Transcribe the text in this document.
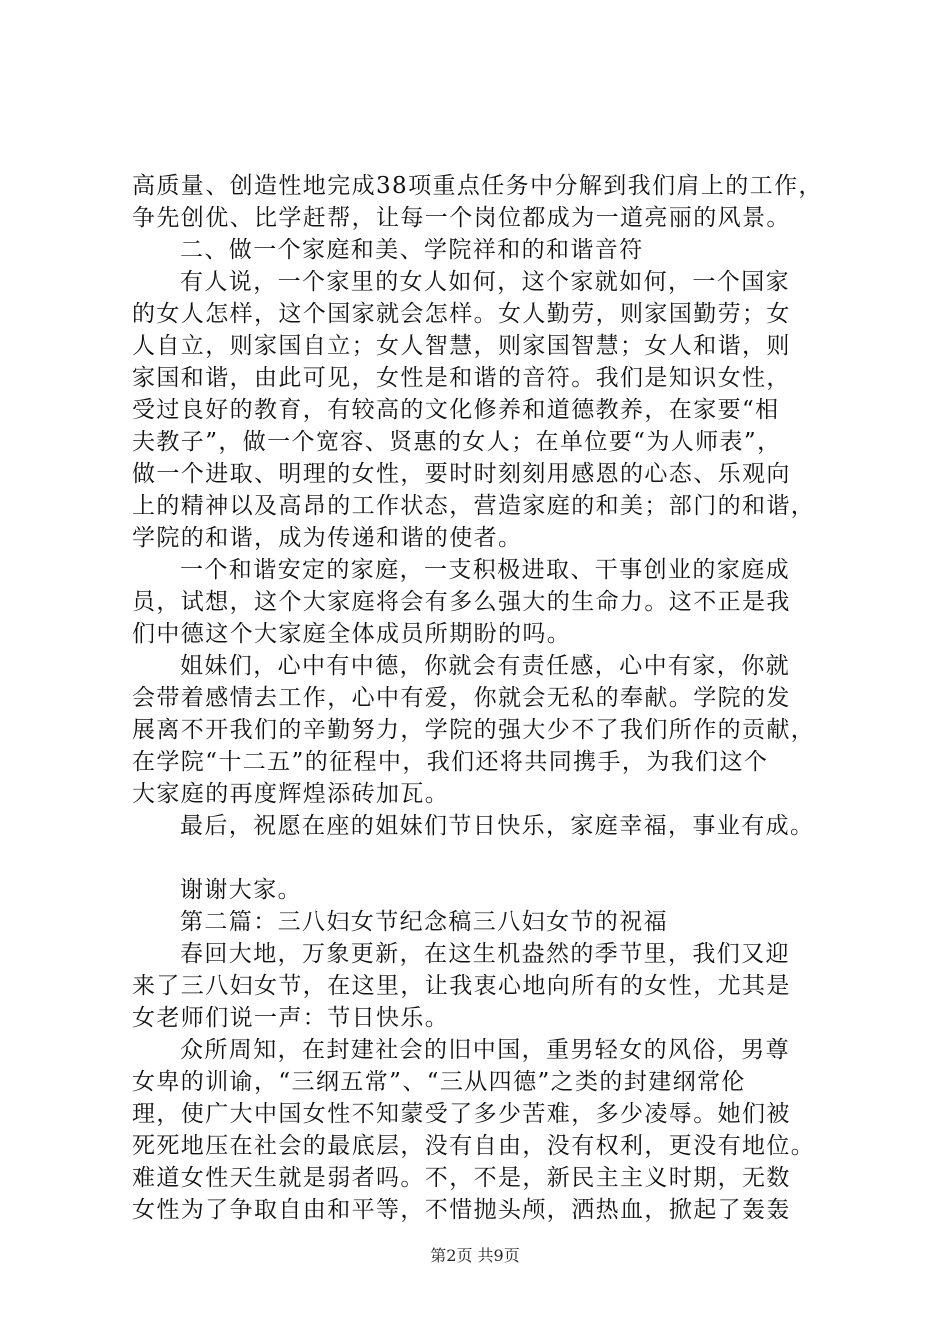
高质量、创造性地完成38项重点任务中分解到我们肩上的工作，
争先创优、比学赶帮，让每一个岗位都成为一道亮丽的风景。
二、做一个家庭和美、学院祥和的和谐音符
有人说，一个家里的女人如何，这个家就如何，一个国家
的女人怎样，这个国家就会怎样。女人勤劳，则家国勤劳；女
人自立，则家国自立；女人智慧，则家国智慧；女人和谐，则
家国和谐，由此可见，女性是和谐的音符。我们是知识女性，
受过良好的教育，有较高的文化修养和道德教养，在家要“相
夫教子”，做一个宽容、贤惠的女人；在单位要“为人师表”，
做一个进取、明理的女性，要时时刻刻用感恩的心态、乐观向
上的精神以及高昂的工作状态，营造家庭的和美；部门的和谐，
学院的和谐，成为传递和谐的使者。
一个和谐安定的家庭，一支积极进取、干事创业的家庭成
员，试想，这个大家庭将会有多么强大的生命力。这不正是我
们中德这个大家庭全体成员所期盼的吗。
姐妹们，心中有中德，你就会有责任感，心中有家，你就
会带着感情去工作，心中有爱，你就会无私的奉献。学院的发
展离不开我们的辛勤努力，学院的强大少不了我们所作的贡献，
在学院“十二五”的征程中，我们还将共同携手，为我们这个
大家庭的再度辉煌添砖加瓦。
最后，祝愿在座的姐妹们节日快乐，家庭幸福，事业有成。
谢谢大家。
第二篇：三八妇女节纪念稿三八妇女节的祝福
春回大地，万象更新，在这生机盎然的季节里，我们又迎
来了三八妇女节，在这里，让我衷心地向所有的女性，尤其是
女老师们说一声：节日快乐。
众所周知，在封建社会的旧中国，重男轻女的风俗，男尊
女卑的训谕，“三纲五常”、“三从四德”之类的封建纲常伦
理，使广大中国女性不知蒙受了多少苦难，多少凌辱。她们被
死死地压在社会的最底层，没有自由，没有权利，更没有地位。
难道女性天生就是弱者吗。不，不是，新民主主义时期，无数
女性为了争取自由和平等，不惜抛头颅，洒热血，掀起了轰轰
第2页 共9页
